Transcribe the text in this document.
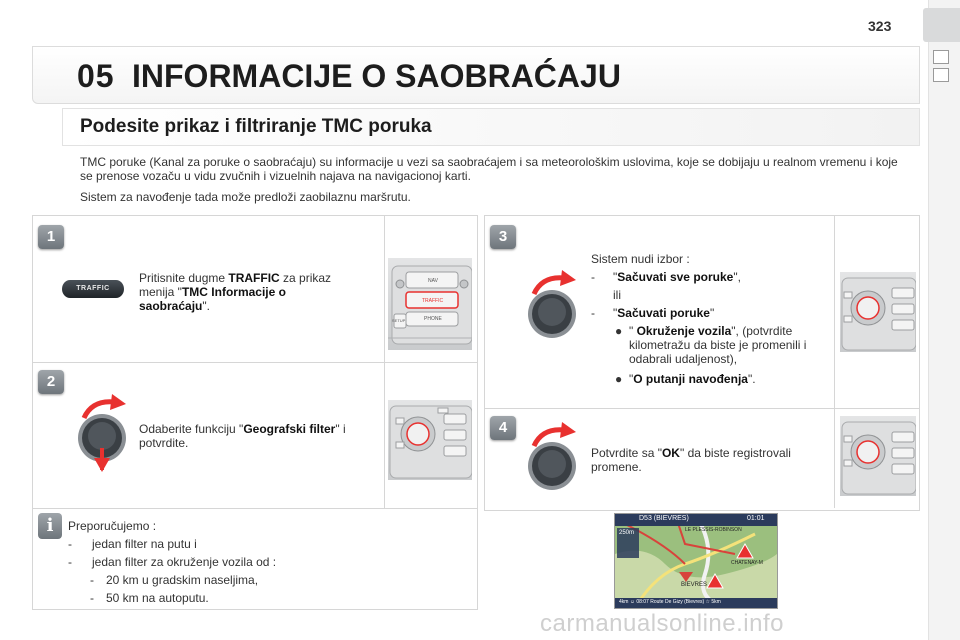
323
05 INFORMACIJE O SAOBRAĆAJU
Podesite prikaz i filtriranje TMC poruka

TMC poruke (Kanal za poruke o saobraćaju) su informacije u vezi sa saobraćajem i sa meteorološkim uslovima, koje se dobijaju u realnom vremenu i koje se prenose vozaču u vidu zvučnih i vizuelnih najava na navigacionoj karti.

Sistem za navođenje tada može predloži zaobilaznu maršrutu.

1
TRAFFIC
Pritisnite dugme TRAFFIC za prikaz menija "TMC Informacije o saobraćaju".
NAV
TRAFFIC
PHONE
SETUP
2
Odaberite funkciju "Geografski filter" i potvrdite.
3
Sistem nudi izbor :
- "Sačuvati sve poruke",
ili
- "Sačuvati poruke"
● " Okruženje vozila", (potvrdite kilometražu da biste je promenili i odabrali udaljenost),
● "O putanji navođenja".
4
Potvrdite sa "OK" da biste registrovali promene.
i	Preporučujemo :
- jedan filter na putu i
- jedan filter za okruženje vozila od :
- 20 km u gradskim naseljima,
- 50 km na autoputu.
D53 (BIEVRES)	01:01
LE PLESSIS-ROBINSON
CHATENAY-M
BIEVRES
250m
4km ☺ 08:07 Route De Gizy (Bievres) ☆ 5km
carmanualsonline.info
